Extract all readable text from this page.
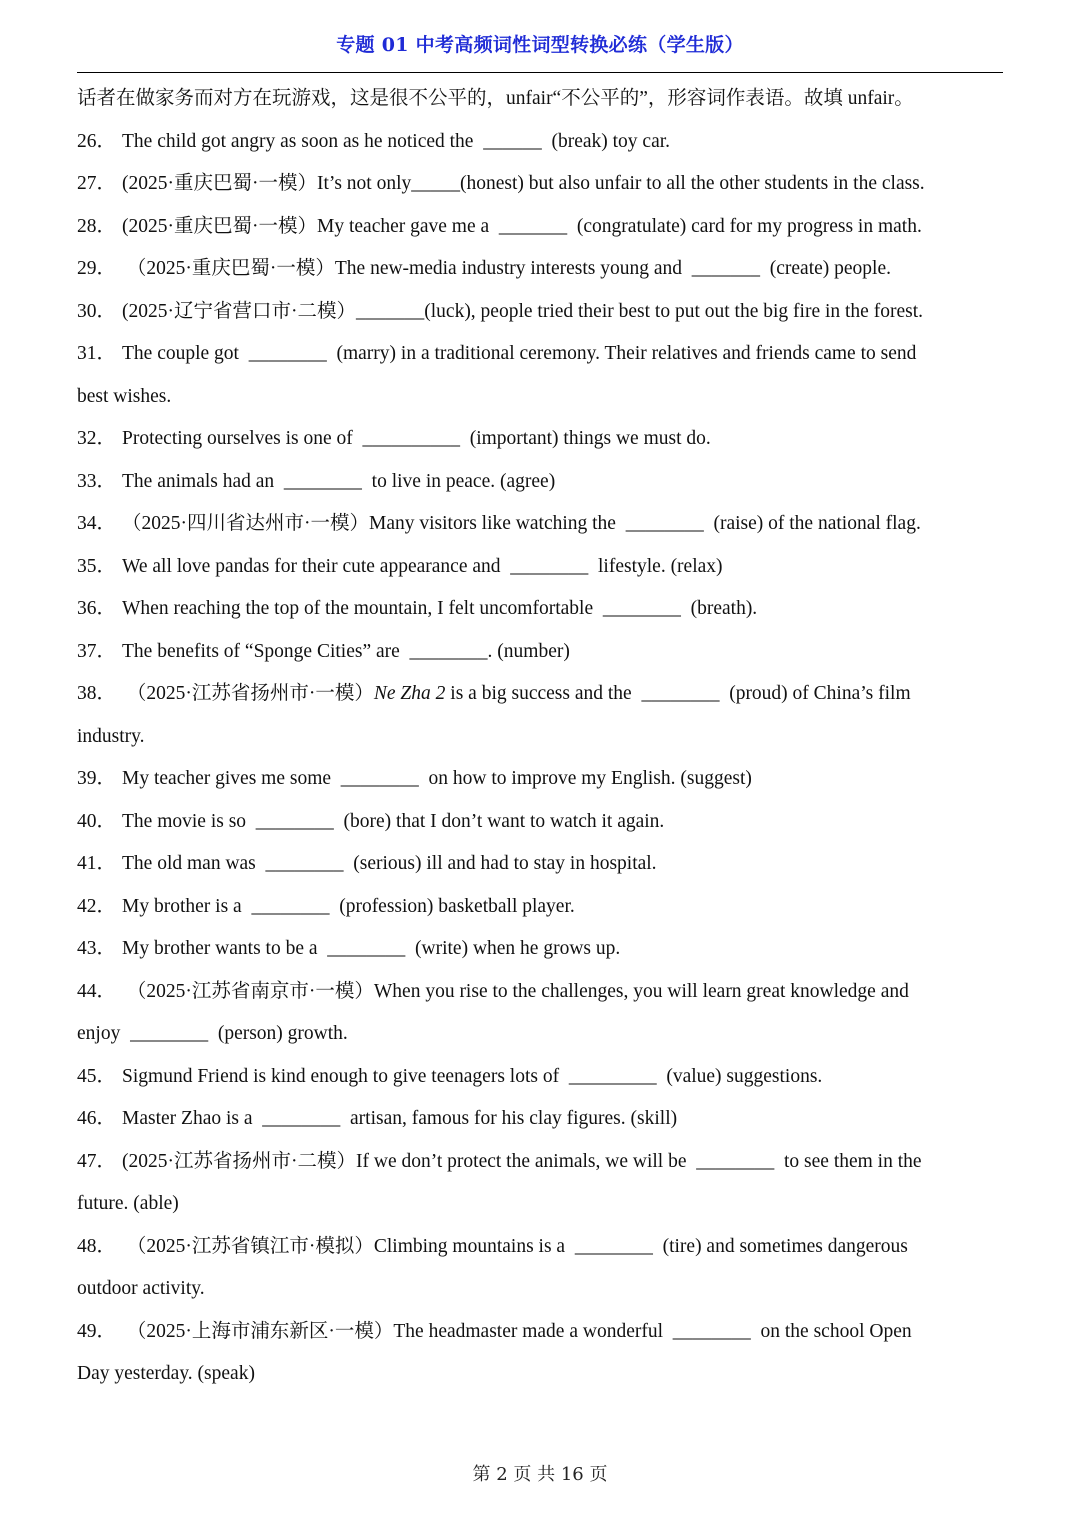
专题 01 中考高频词性词型转换必练（学生版）
话者在做家务而对方在玩游戏，这是很不公平的，unfair“不公平的”，形容词作表语。故填 unfair。
26． The child got angry as soon as he noticed the  ______  (break) toy car.
27． (2025·重庆巴蜀·一模）It’s not only_____(honest) but also unfair to all the other students in the class.
28． (2025·重庆巴蜀·一模）My teacher gave me a  _______  (congratulate) card for my progress in math.
29． （2025·重庆巴蜀·一模）The new-media industry interests young and  _______  (create) people.
30． (2025·辽宁省营口市·二模）_______(luck), people tried their best to put out the big fire in the forest.
31． The couple got  ________  (marry) in a traditional ceremony. Their relatives and friends came to send
best wishes.
32． Protecting ourselves is one of  __________  (important) things we must do.
33． The animals had an  ________  to live in peace. (agree)
34． （2025·四川省达州市·一模）Many visitors like watching the  ________  (raise) of the national flag.
35． We all love pandas for their cute appearance and  ________  lifestyle. (relax)
36． When reaching the top of the mountain, I felt uncomfortable  ________  (breath).
37． The benefits of “Sponge Cities” are  ________. (number)
38． （2025·江苏省扬州市·一模）Ne Zha 2 is a big success and the  ________  (proud) of China’s film
industry.
39． My teacher gives me some  ________  on how to improve my English. (suggest)
40． The movie is so  ________  (bore) that I don’t want to watch it again.
41． The old man was  ________  (serious) ill and had to stay in hospital.
42． My brother is a  ________  (profession) basketball player.
43． My brother wants to be a  ________  (write) when he grows up.
44． （2025·江苏省南京市·一模）When you rise to the challenges, you will learn great knowledge and
enjoy  ________  (person) growth.
45． Sigmund Friend is kind enough to give teenagers lots of  _________  (value) suggestions.
46． Master Zhao is a  ________  artisan, famous for his clay figures. (skill)
47． (2025·江苏省扬州市·二模）If we don’t protect the animals, we will be  ________  to see them in the
future. (able)
48． （2025·江苏省镇江市·模拟）Climbing mountains is a  ________  (tire) and sometimes dangerous
outdoor activity.
49． （2025·上海市浦东新区·一模）The headmaster made a wonderful  ________  on the school Open
Day yesterday. (speak)
第 2 页 共 16 页
